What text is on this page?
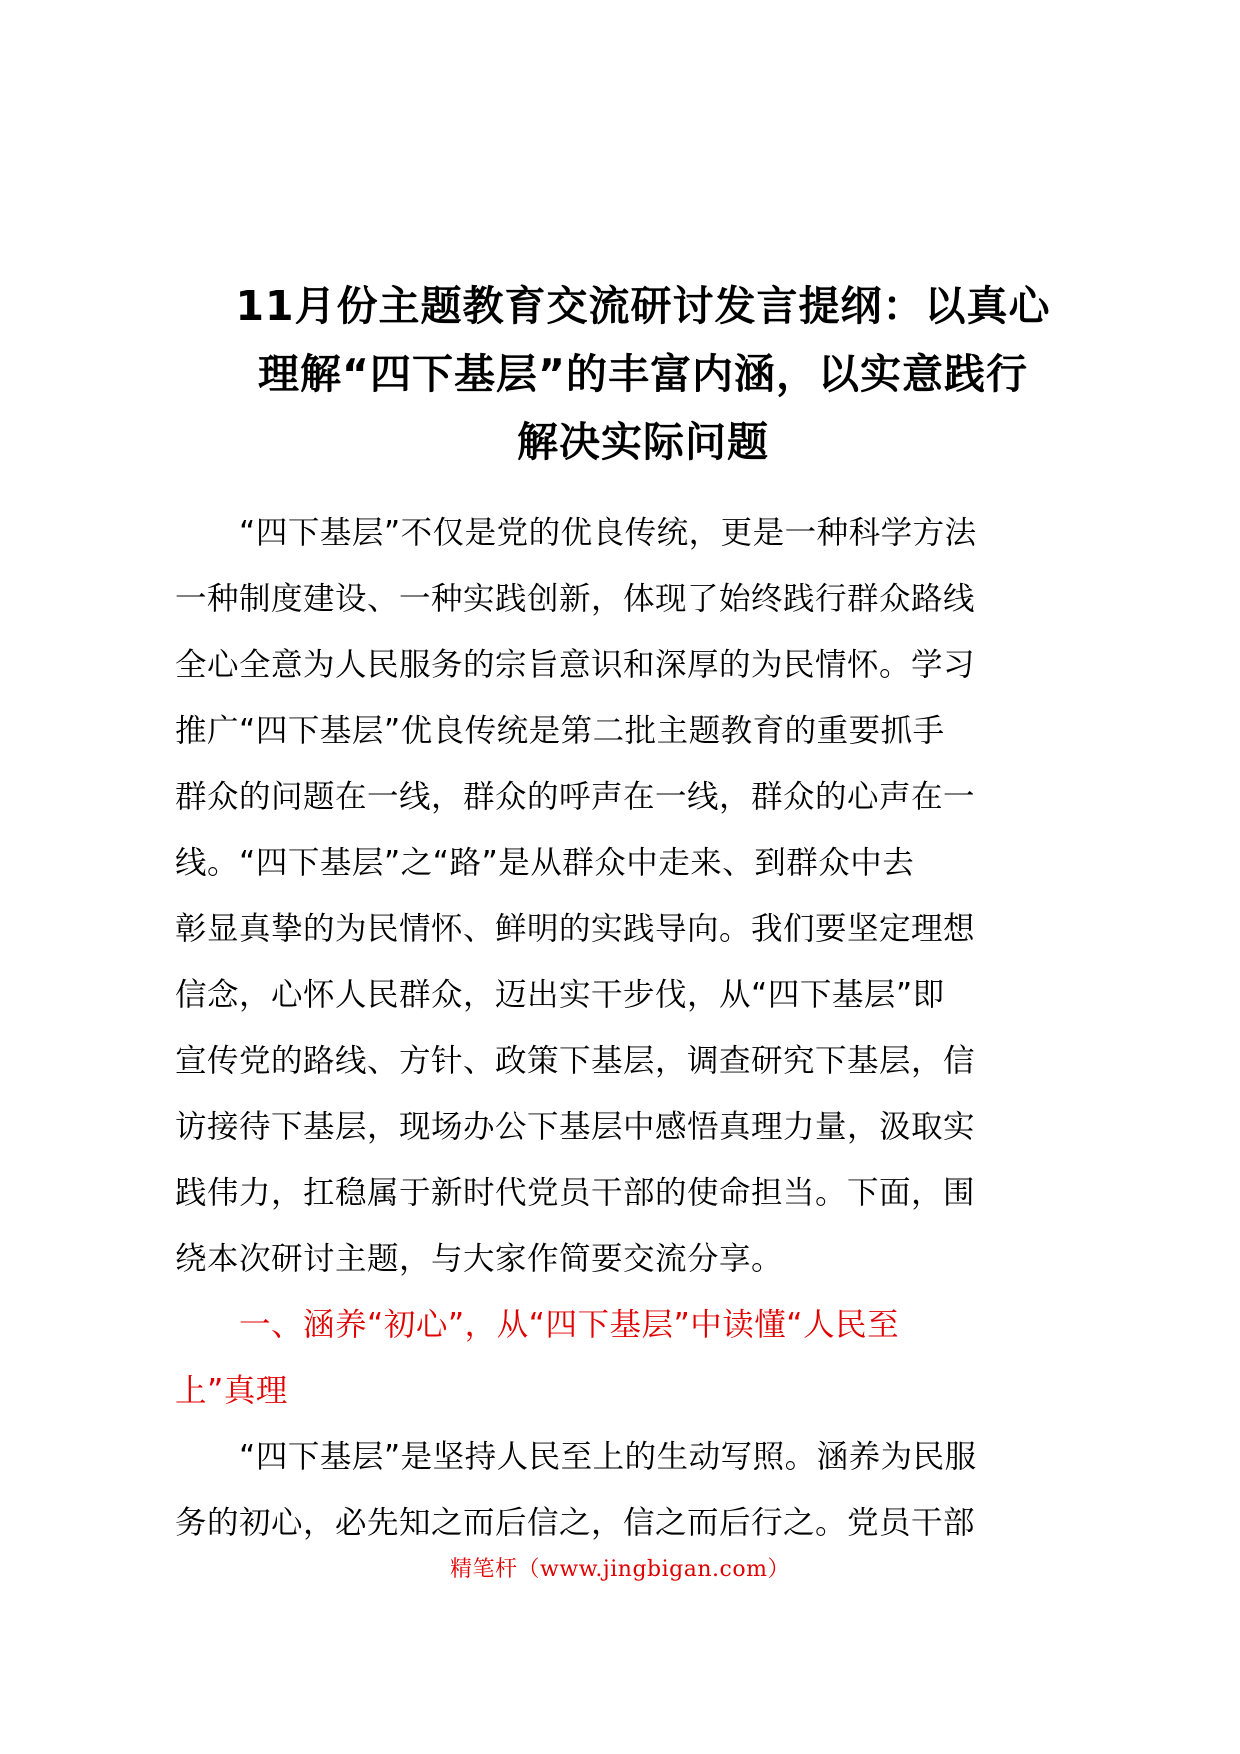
11月份主题教育交流研讨发言提纲：以真心
理解“四下基层”的丰富内涵，以实意践行
解决实际问题

“四下基层”不仅是党的优良传统，更是一种科学方法
一种制度建设、一种实践创新，体现了始终践行群众路线
全心全意为人民服务的宗旨意识和深厚的为民情怀。学习
推广“四下基层”优良传统是第二批主题教育的重要抓手
群众的问题在一线，群众的呼声在一线，群众的心声在一
线。“四下基层”之“路”是从群众中走来、到群众中去
彰显真挚的为民情怀、鲜明的实践导向。我们要坚定理想
信念，心怀人民群众，迈出实干步伐，从“四下基层”即
宣传党的路线、方针、政策下基层，调查研究下基层，信
访接待下基层，现场办公下基层中感悟真理力量，汲取实
践伟力，扛稳属于新时代党员干部的使命担当。下面，围
绕本次研讨主题，与大家作简要交流分享。

一、涵养“初心”，从“四下基层”中读懂“人民至
上”真理

“四下基层”是坚持人民至上的生动写照。涵养为民服
务的初心，必先知之而后信之，信之而后行之。党员干部

精笔杆（www.jingbigan.com）
